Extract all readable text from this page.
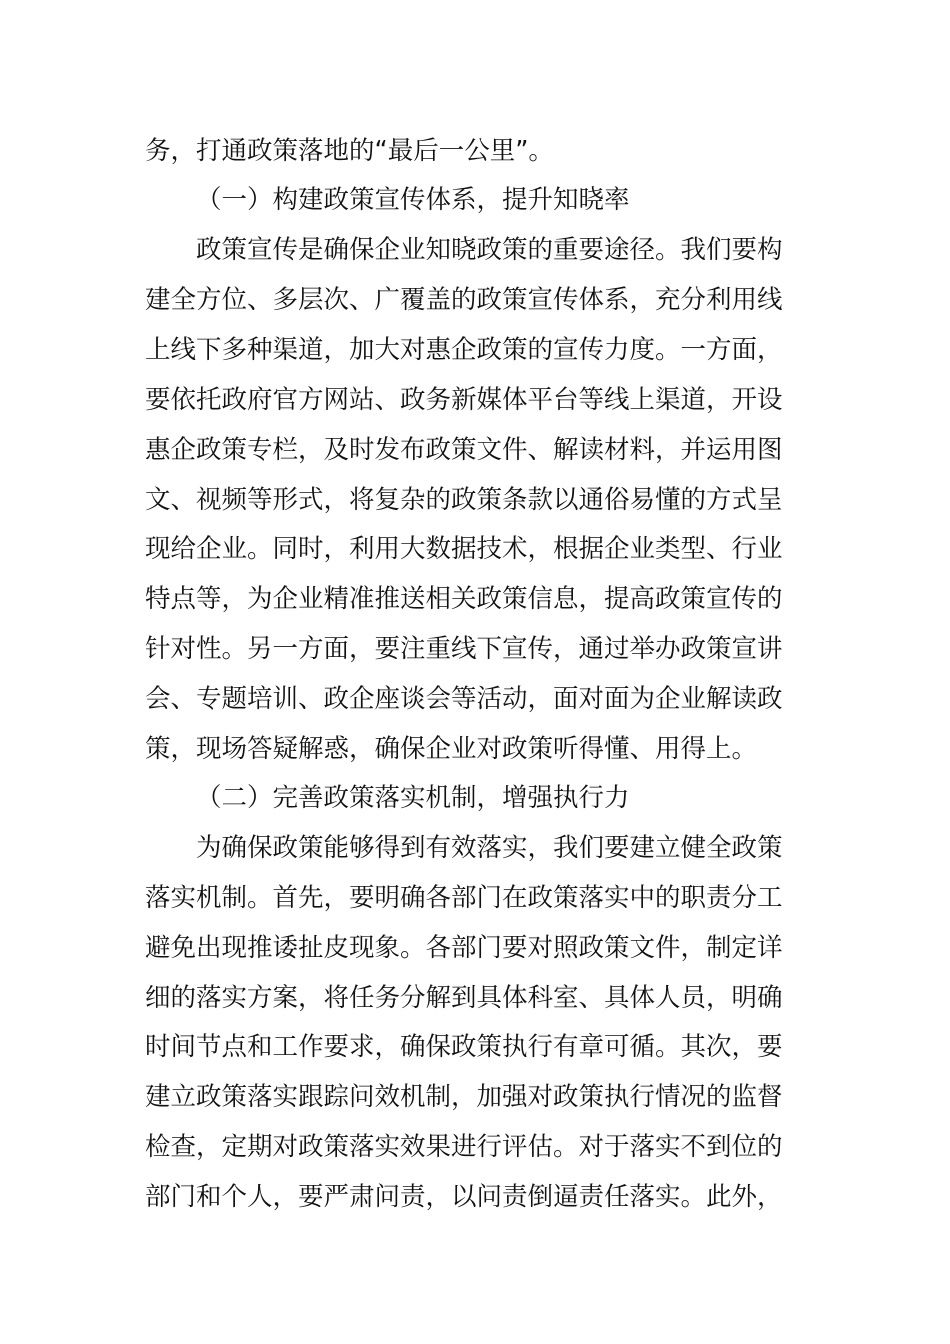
务，打通政策落地的“最后一公里”。
（一）构建政策宣传体系，提升知晓率
政策宣传是确保企业知晓政策的重要途径。我们要构
建全方位、多层次、广覆盖的政策宣传体系，充分利用线
上线下多种渠道，加大对惠企政策的宣传力度。一方面，
要依托政府官方网站、政务新媒体平台等线上渠道，开设
惠企政策专栏，及时发布政策文件、解读材料，并运用图
文、视频等形式，将复杂的政策条款以通俗易懂的方式呈
现给企业。同时，利用大数据技术，根据企业类型、行业
特点等，为企业精准推送相关政策信息，提高政策宣传的
针对性。另一方面，要注重线下宣传，通过举办政策宣讲
会、专题培训、政企座谈会等活动，面对面为企业解读政
策，现场答疑解惑，确保企业对政策听得懂、用得上。
（二）完善政策落实机制，增强执行力
为确保政策能够得到有效落实，我们要建立健全政策
落实机制。首先，要明确各部门在政策落实中的职责分工
避免出现推诿扯皮现象。各部门要对照政策文件，制定详
细的落实方案，将任务分解到具体科室、具体人员，明确
时间节点和工作要求，确保政策执行有章可循。其次，要
建立政策落实跟踪问效机制，加强对政策执行情况的监督
检查，定期对政策落实效果进行评估。对于落实不到位的
部门和个人，要严肃问责，以问责倒逼责任落实。此外，
